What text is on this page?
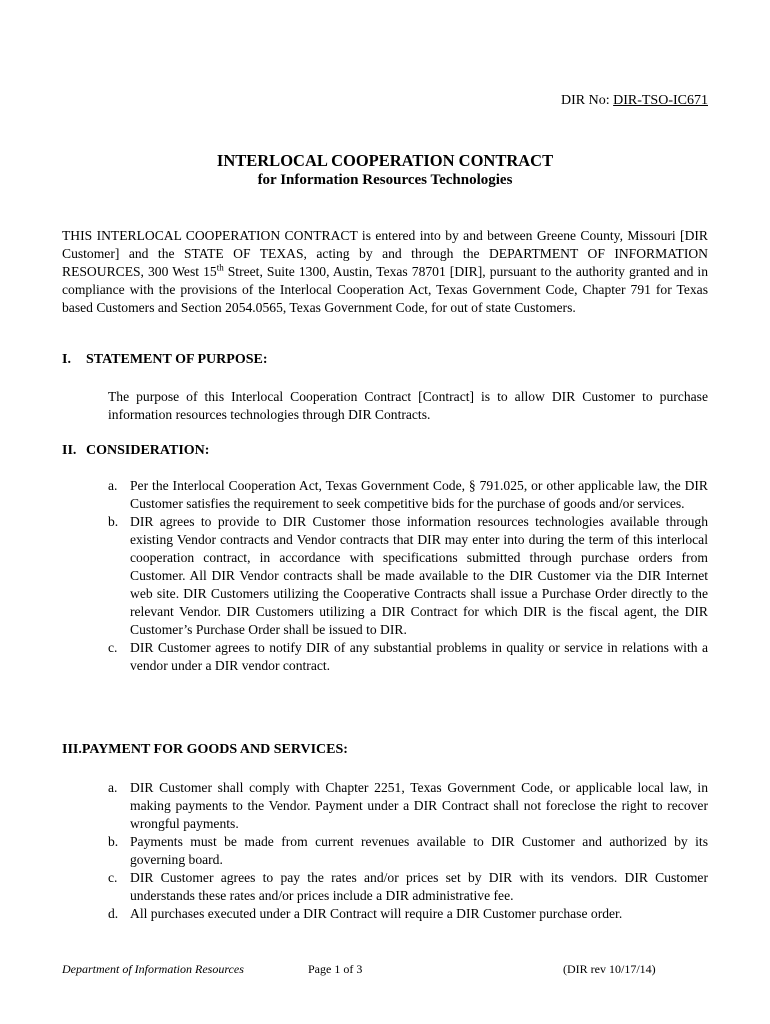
DIR No: DIR-TSO-IC671
INTERLOCAL COOPERATION CONTRACT
for Information Resources Technologies

THIS INTERLOCAL COOPERATION CONTRACT is entered into by and between Greene County, Missouri [DIR Customer] and the STATE OF TEXAS, acting by and through the DEPARTMENT OF INFORMATION RESOURCES, 300 West 15th Street, Suite 1300, Austin, Texas 78701 [DIR], pursuant to the authority granted and in compliance with the provisions of the Interlocal Cooperation Act, Texas Government Code, Chapter 791 for Texas based Customers and Section 2054.0565, Texas Government Code, for out of state Customers.

I. STATEMENT OF PURPOSE:

The purpose of this Interlocal Cooperation Contract [Contract] is to allow DIR Customer to purchase information resources technologies through DIR Contracts.

II. CONSIDERATION:
a. Per the Interlocal Cooperation Act, Texas Government Code, § 791.025, or other applicable law, the DIR Customer satisfies the requirement to seek competitive bids for the purchase of goods and/or services.
b. DIR agrees to provide to DIR Customer those information resources technologies available through existing Vendor contracts and Vendor contracts that DIR may enter into during the term of this interlocal cooperation contract, in accordance with specifications submitted through purchase orders from Customer. All DIR Vendor contracts shall be made available to the DIR Customer via the DIR Internet web site. DIR Customers utilizing the Cooperative Contracts shall issue a Purchase Order directly to the relevant Vendor. DIR Customers utilizing a DIR Contract for which DIR is the fiscal agent, the DIR Customer’s Purchase Order shall be issued to DIR.
c. DIR Customer agrees to notify DIR of any substantial problems in quality or service in relations with a vendor under a DIR vendor contract.
III.PAYMENT FOR GOODS AND SERVICES:
a. DIR Customer shall comply with Chapter 2251, Texas Government Code, or applicable local law, in making payments to the Vendor. Payment under a DIR Contract shall not foreclose the right to recover wrongful payments.
b. Payments must be made from current revenues available to DIR Customer and authorized by its governing board.
c. DIR Customer agrees to pay the rates and/or prices set by DIR with its vendors. DIR Customer understands these rates and/or prices include a DIR administrative fee.
d. All purchases executed under a DIR Contract will require a DIR Customer purchase order.
Department of Information Resources	Page 1 of 3	(DIR rev 10/17/14)
